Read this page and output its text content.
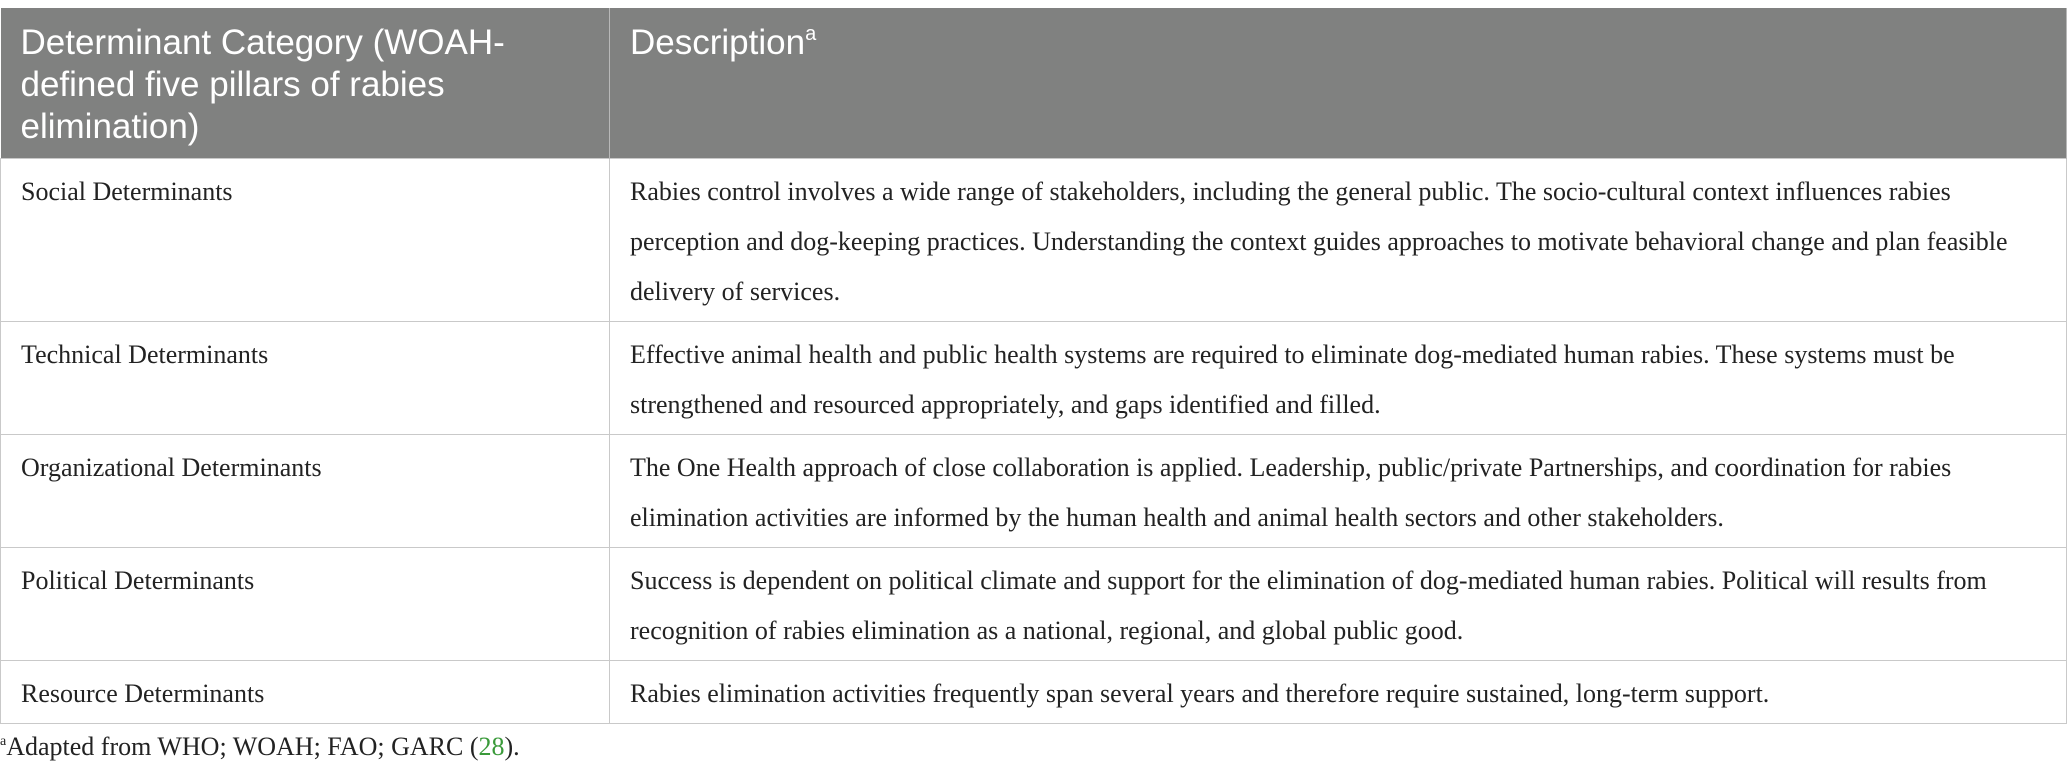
Determinant Category (WOAH-defined five pillars of rabies elimination)	Description$^a$
Social Determinants	Rabies control involves a wide range of stakeholders, including the general public. The socio-cultural context influences rabies perception and dog-keeping practices. Understanding the context guides approaches to motivate behavioral change and plan feasible delivery of services.
Technical Determinants	Effective animal health and public health systems are required to eliminate dog-mediated human rabies. These systems must be strengthened and resourced appropriately, and gaps identified and filled.
Organizational Determinants	The One Health approach of close collaboration is applied. Leadership, public/private Partnerships, and coordination for rabies elimination activities are informed by the human health and animal health sectors and other stakeholders.
Political Determinants	Success is dependent on political climate and support for the elimination of dog-mediated human rabies. Political will results from recognition of rabies elimination as a national, regional, and global public good.
Resource Determinants	Rabies elimination activities frequently span several years and therefore require sustained, long-term support.
$^a$Adapted from WHO; WOAH; FAO; GARC (28).
